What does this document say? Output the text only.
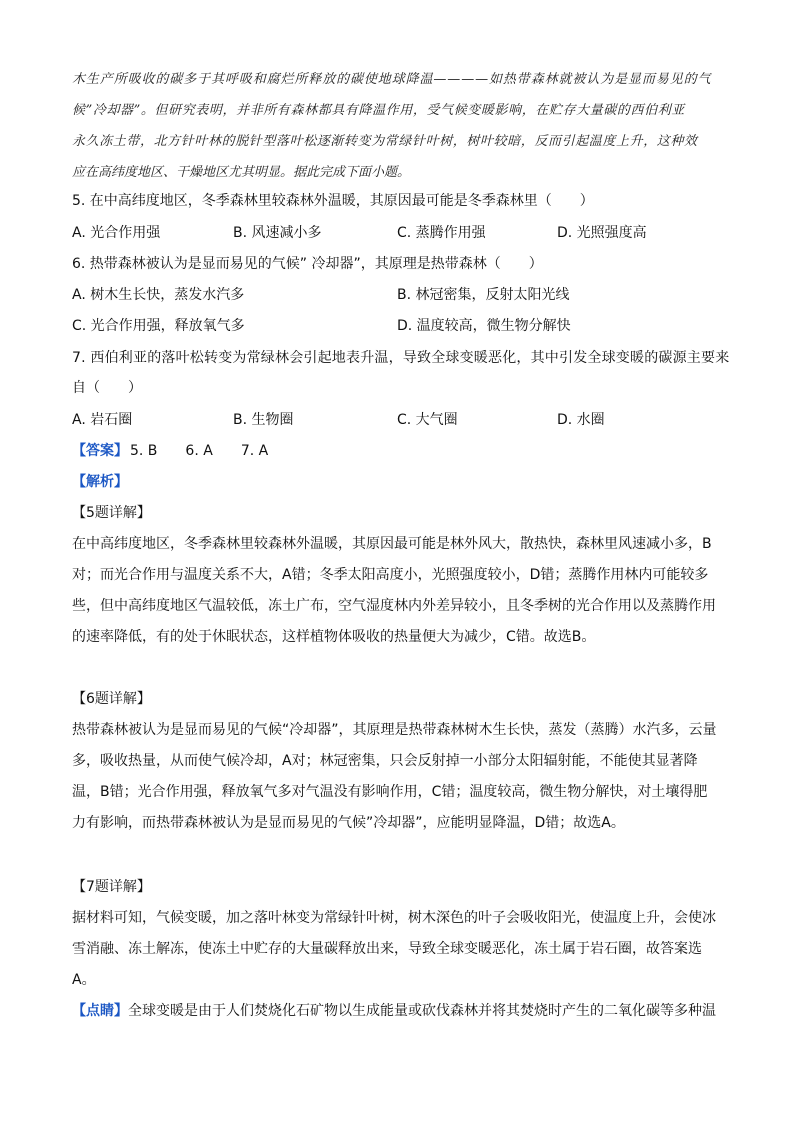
木生产所吸收的碳多于其呼吸和腐烂所释放的碳使地球降温————如热带森林就被认为是显而易见的气
候”冷却器”。但研究表明，并非所有森林都具有降温作用，受气候变暖影响，在贮存大量碳的西伯利亚
永久冻土带，北方针叶林的脱针型落叶松逐渐转变为常绿针叶树，树叶较暗，反而引起温度上升，这种效
应在高纬度地区、干燥地区尤其明显。据此完成下面小题。
5. 在中高纬度地区，冬季森林里较森林外温暖，其原因最可能是冬季森林里（　　）
A. 光合作用强	B. 风速减小多	C. 蒸腾作用强	D. 光照强度高
6. 热带森林被认为是显而易见的气候” 冷却器”，其原理是热带森林（　　）
A. 树木生长快，蒸发水汽多	B. 林冠密集，反射太阳光线
C. 光合作用强，释放氧气多	D. 温度较高，微生物分解快
7. 西伯利亚的落叶松转变为常绿林会引起地表升温，导致全球变暖恶化，其中引发全球变暖的碳源主要来
自（　　）
A. 岩石圈	B. 生物圈	C. 大气圈	D. 水圈
【答案】 5. B 6. A 7. A
【解析】
【5题详解】
在中高纬度地区，冬季森林里较森林外温暖，其原因最可能是林外风大，散热快，森林里风速减小多，B
对；而光合作用与温度关系不大，A错；冬季太阳高度小，光照强度较小，D错；蒸腾作用林内可能较多
些，但中高纬度地区气温较低，冻土广布，空气湿度林内外差异较小，且冬季树的光合作用以及蒸腾作用
的速率降低，有的处于休眠状态，这样植物体吸收的热量便大为减少，C错。故选B。
【6题详解】
热带森林被认为是显而易见的气候“冷却器”，其原理是热带森林树木生长快，蒸发（蒸腾）水汽多，云量
多，吸收热量，从而使气候冷却，A对；林冠密集，只会反射掉一小部分太阳辐射能，不能使其显著降
温，B错；光合作用强，释放氧气多对气温没有影响作用，C错；温度较高，微生物分解快，对土壤得肥
力有影响，而热带森林被认为是显而易见的气候”冷却器”，应能明显降温，D错；故选A。
【7题详解】
据材料可知，气候变暖，加之落叶林变为常绿针叶树，树木深色的叶子会吸收阳光，使温度上升，会使冰
雪消融、冻土解冻，使冻土中贮存的大量碳释放出来，导致全球变暖恶化，冻土属于岩石圈，故答案选
A。
【点睛】全球变暖是由于人们焚烧化石矿物以生成能量或砍伐森林并将其焚烧时产生的二氧化碳等多种温
